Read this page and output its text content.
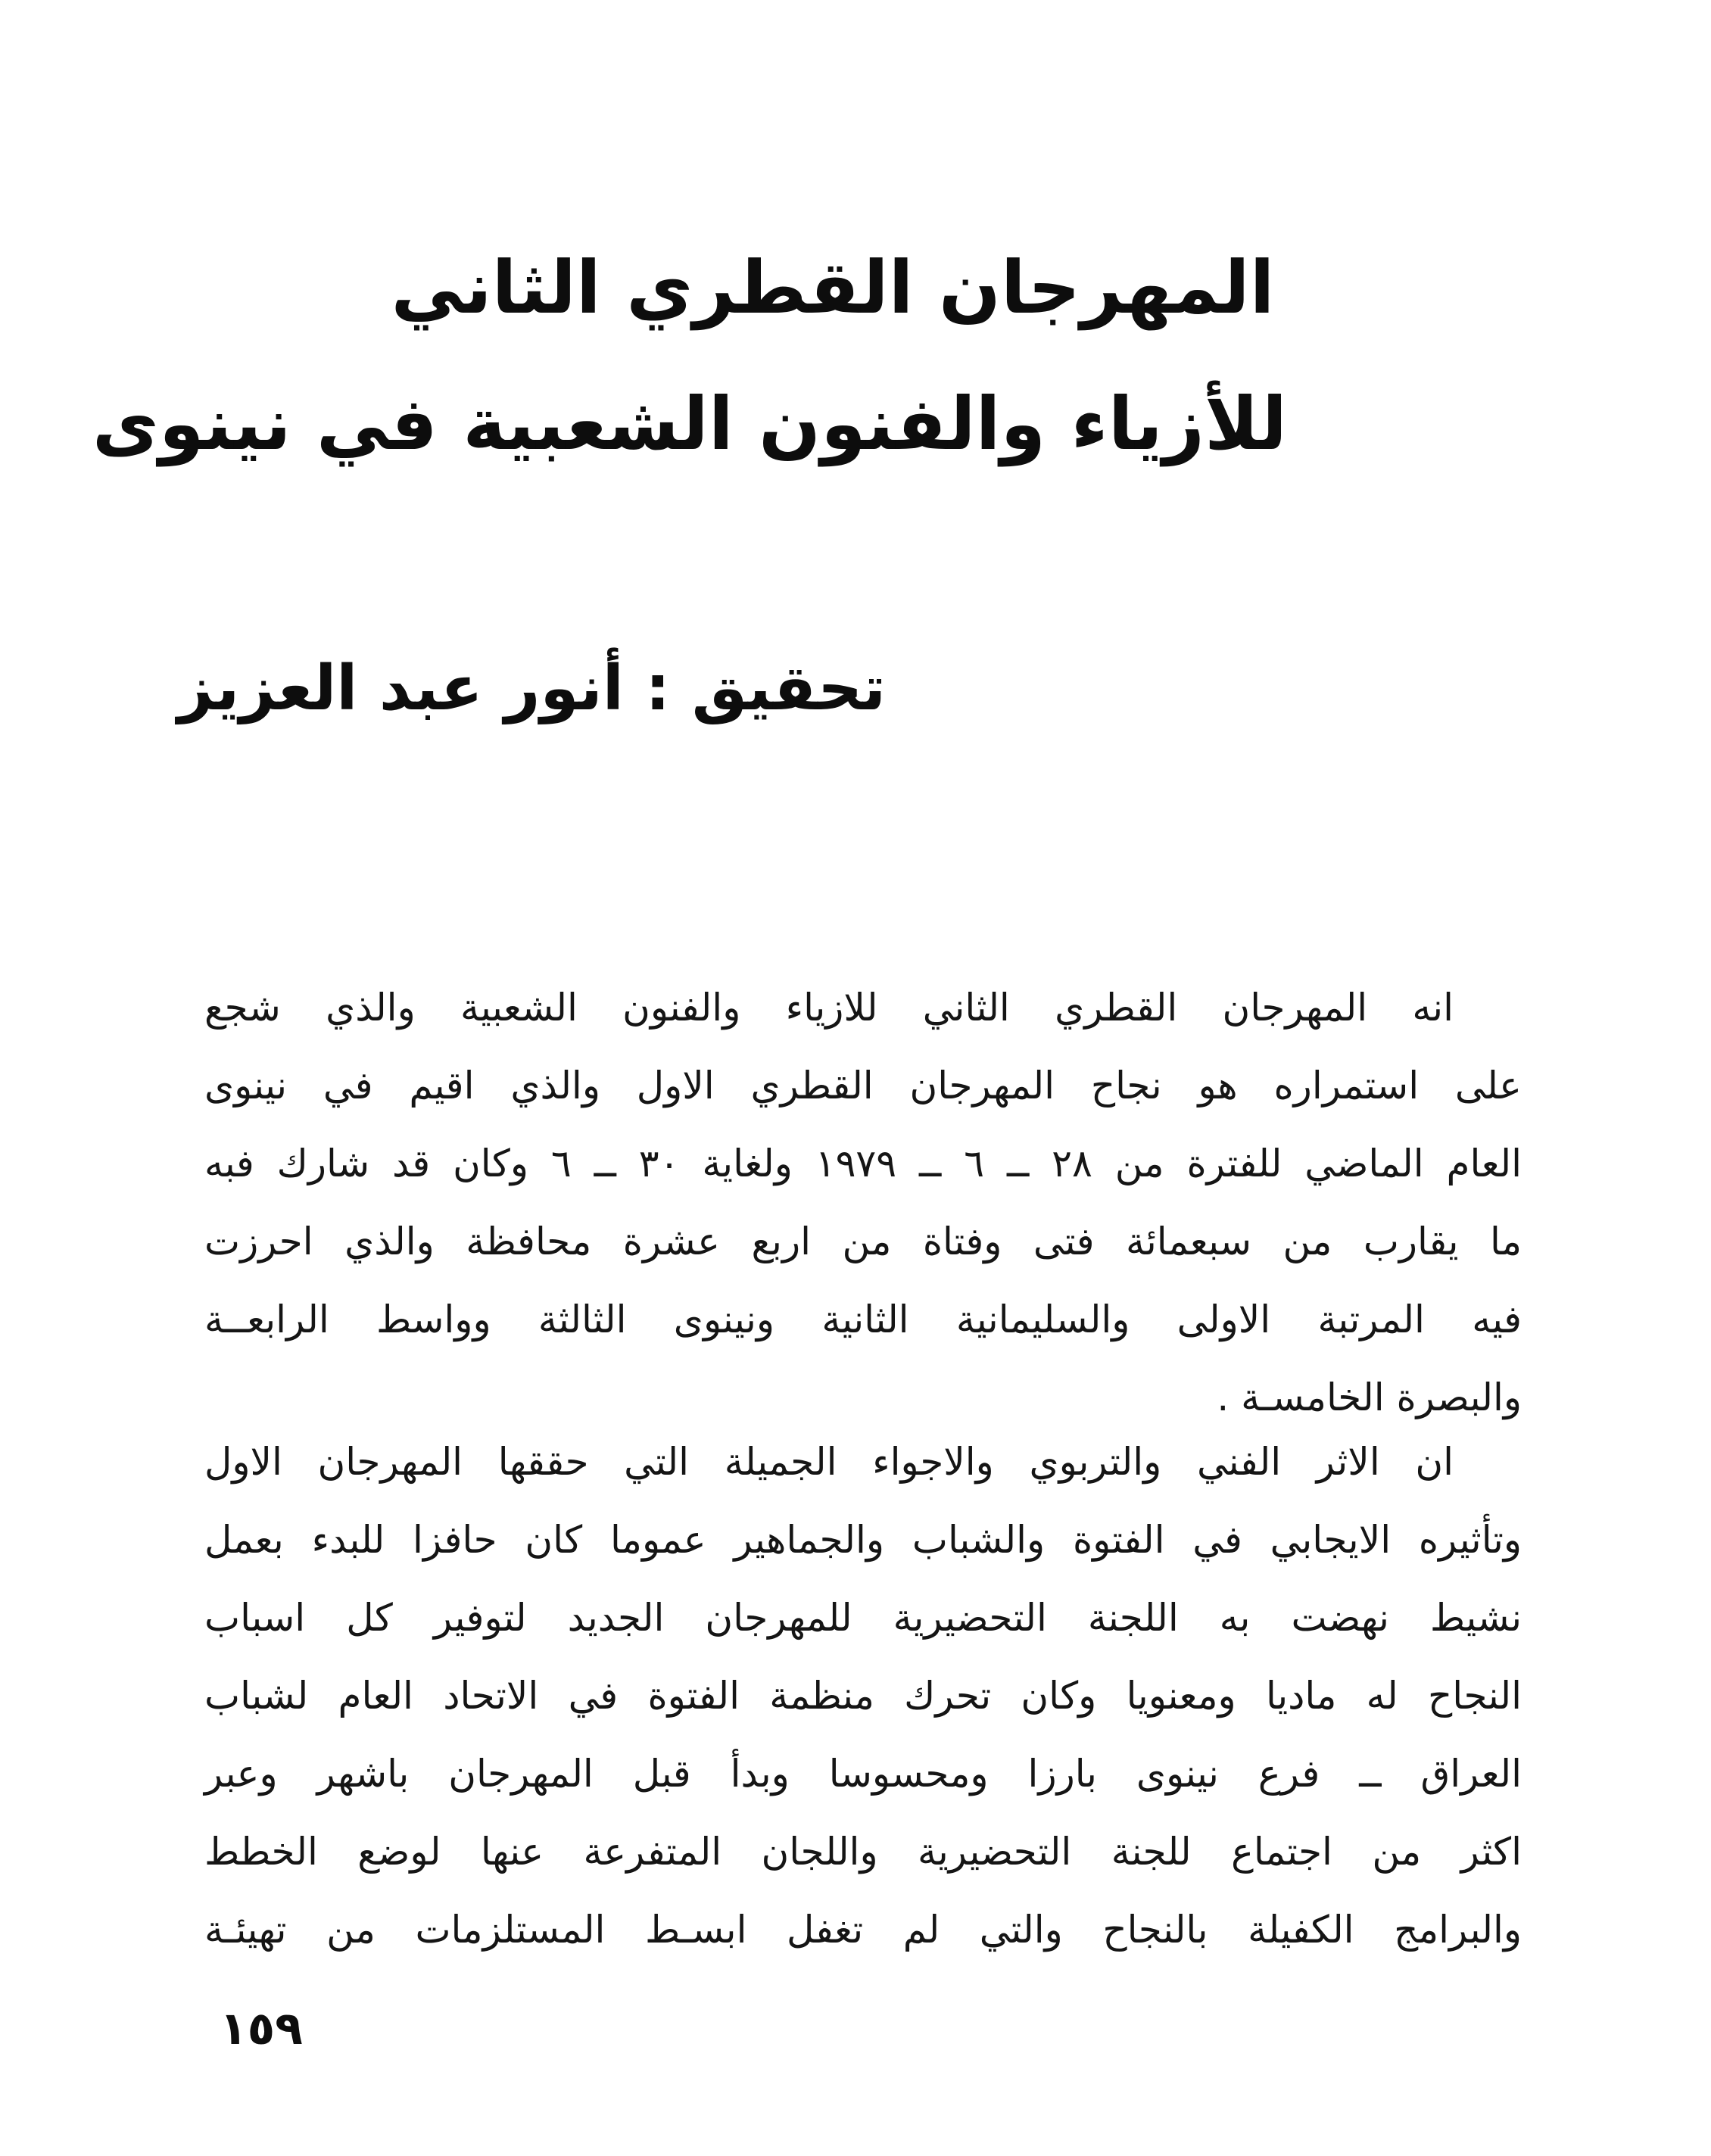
المهرجان القطري الثاني
للأزياء والفنون الشعبية في نينوى
تحقيق : أنور عبد العزيز
انه المهرجان القطري الثاني للازياء والفنون الشعبية والذي شجع
على استمراره هو نجاح المهرجان القطري الاول والذي اقيم في نينوى
العام الماضي للفترة من ٢٨ ــ ٦ ــ ١٩٧٩ ولغاية ٣٠ ــ ٦ وكان قد شارك فبه
ما يقارب من سبعمائة فتى وفتاة من اربع عشرة محافظة والذي احرزت
فيه المرتبة الاولى والسليمانية الثانية ونينوى الثالثة وواسط الرابعــة
والبصرة الخامسـة .
ان الاثر الفني والتربوي والاجواء الجميلة التي حققها المهرجان الاول
وتأثيره الايجابي في الفتوة والشباب والجماهير عموما كان حافزا للبدء بعمل
نشيط نهضت به اللجنة التحضيرية للمهرجان الجديد لتوفير كل اسباب
النجاح له ماديا ومعنويا وكان تحرك منظمة الفتوة في الاتحاد العام لشباب
العراق ــ فرع نينوى بارزا ومحسوسا وبدأ قبل المهرجان باشهر وعبر
اكثر من اجتماع للجنة التحضيرية واللجان المتفرعة عنها لوضع الخطط
والبرامج الكفيلة بالنجاح والتي لم تغفل ابسـط المستلزمات من تهيئـة
١٥٩
